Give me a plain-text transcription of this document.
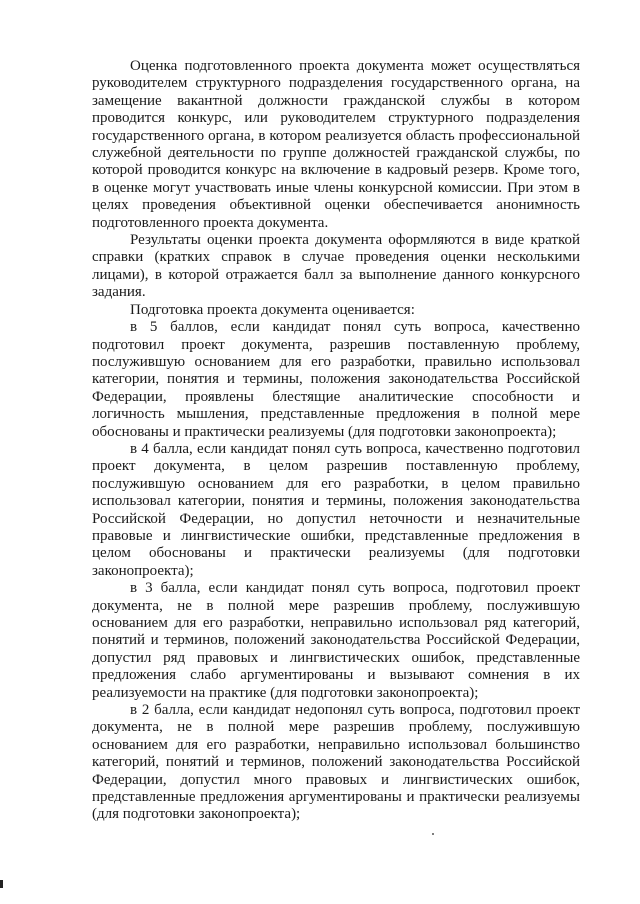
Оценка подготовленного проекта документа может осуществляться руководителем структурного подразделения государственного органа, на замещение вакантной должности гражданской службы в котором проводится конкурс, или руководителем структурного подразделения государственного органа, в котором реализуется область профессиональной служебной деятельности по группе должностей гражданской службы, по которой проводится конкурс на включение в кадровый резерв. Кроме того, в оценке могут участвовать иные члены конкурсной комиссии. При этом в целях проведения объективной оценки обеспечивается анонимность подготовленного проекта документа.

Результаты оценки проекта документа оформляются в виде краткой справки (кратких справок в случае проведения оценки несколькими лицами), в которой отражается балл за выполнение данного конкурсного задания.

Подготовка проекта документа оценивается:

в 5 баллов, если кандидат понял суть вопроса, качественно подготовил проект документа, разрешив поставленную проблему, послужившую основанием для его разработки, правильно использовал категории, понятия и термины, положения законодательства Российской Федерации, проявлены блестящие аналитические способности и логичность мышления, представленные предложения в полной мере обоснованы и практически реализуемы (для подготовки законопроекта);

в 4 балла, если кандидат понял суть вопроса, качественно подготовил проект документа, в целом разрешив поставленную проблему, послужившую основанием для его разработки, в целом правильно использовал категории, понятия и термины, положения законодательства Российской Федерации, но допустил неточности и незначительные правовые и лингвистические ошибки, представленные предложения в целом обоснованы и практически реализуемы (для подготовки законопроекта);

в 3 балла, если кандидат понял суть вопроса, подготовил проект документа, не в полной мере разрешив проблему, послужившую основанием для его разработки, неправильно использовал ряд категорий, понятий и терминов, положений законодательства Российской Федерации, допустил ряд правовых и лингвистических ошибок, представленные предложения слабо аргументированы и вызывают сомнения в их реализуемости на практике (для подготовки законопроекта);

в 2 балла, если кандидат недопонял суть вопроса, подготовил проект документа, не в полной мере разрешив проблему, послужившую основанием для его разработки, неправильно использовал большинство категорий, понятий и терминов, положений законодательства Российской Федерации, допустил много правовых и лингвистических ошибок, представленные предложения аргументированы и практически реализуемы (для подготовки законопроекта);
